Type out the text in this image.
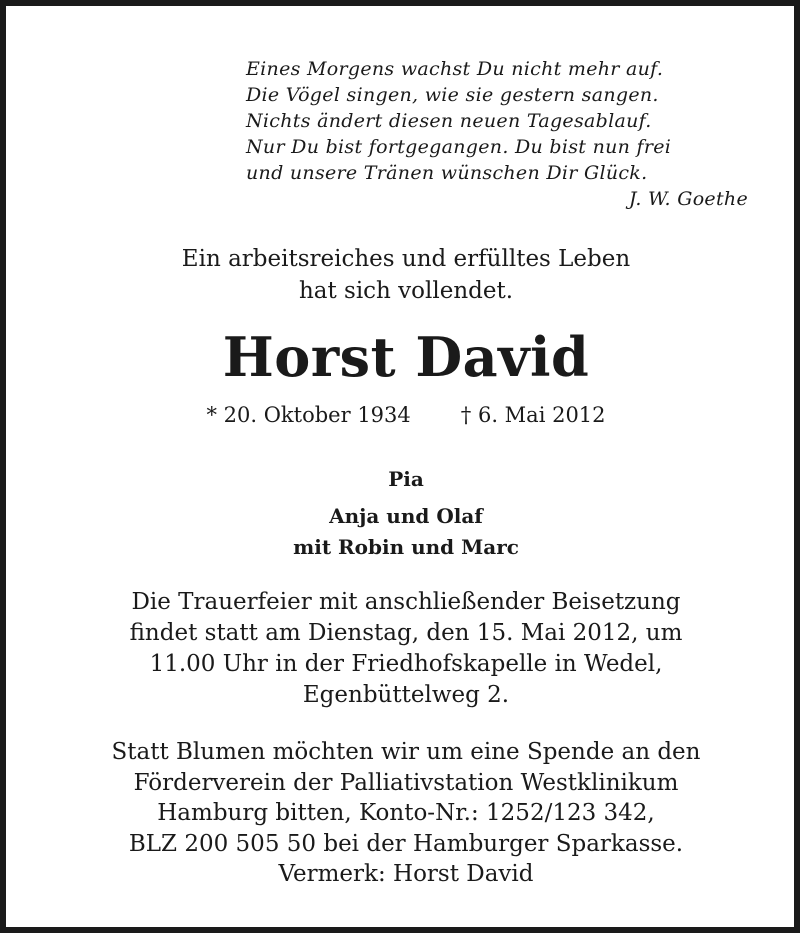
Eines Morgens wachst Du nicht mehr auf.
Die Vögel singen, wie sie gestern sangen.
Nichts ändert diesen neuen Tagesablauf.
Nur Du bist fortgegangen. Du bist nun frei
und unsere Tränen wünschen Dir Glück.
J. W. Goethe
Ein arbeitsreiches und erfülltes Leben
hat sich vollendet.
Horst David
* 20. Oktober 1934 † 6. Mai 2012
Pia
Anja und Olaf
mit Robin und Marc
Die Trauerfeier mit anschließender Beisetzung
findet statt am Dienstag, den 15. Mai 2012, um
11.00 Uhr in der Friedhofskapelle in Wedel,
Egenbüttelweg 2.
Statt Blumen möchten wir um eine Spende an den
Förderverein der Palliativstation Westklinikum
Hamburg bitten, Konto-Nr.: 1252/123 342,
BLZ 200 505 50 bei der Hamburger Sparkasse.
Vermerk: Horst David
